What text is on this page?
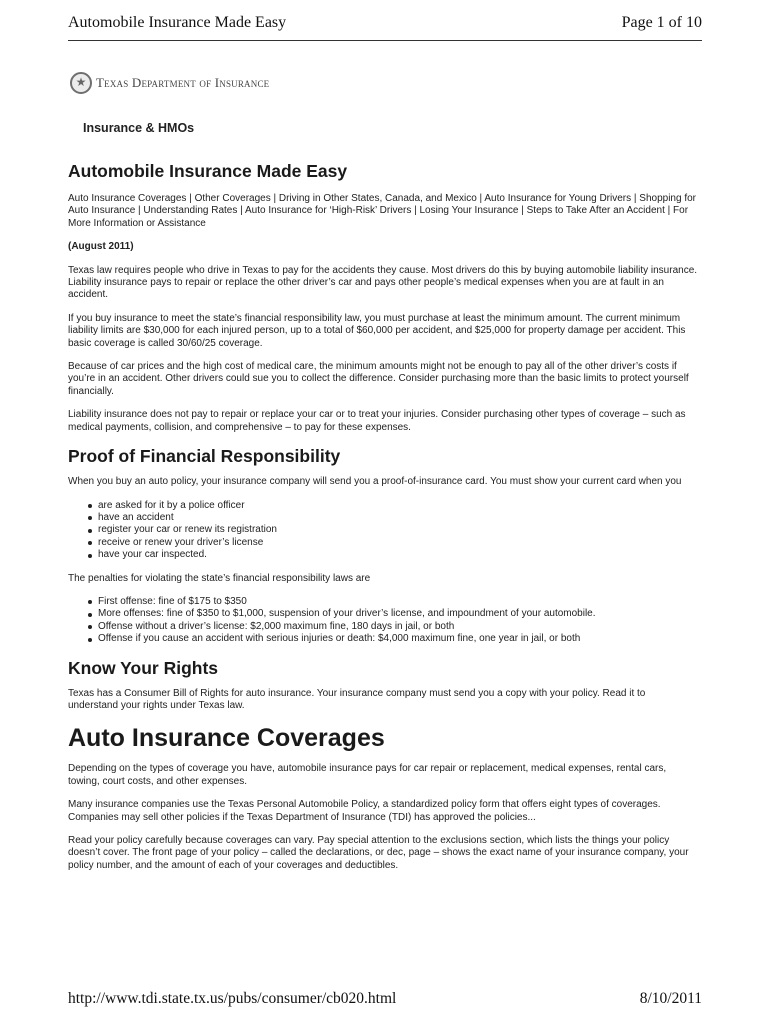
Automobile Insurance Made Easy	Page 1 of 10
★
Texas Department of Insurance
Insurance & HMOs
Automobile Insurance Made Easy

Auto Insurance Coverages | Other Coverages | Driving in Other States, Canada, and Mexico | Auto Insurance for Young Drivers | Shopping for Auto Insurance | Understanding Rates | Auto Insurance for ‘High-Risk’ Drivers | Losing Your Insurance | Steps to Take After an Accident | For More Information or Assistance

(August 2011)

Texas law requires people who drive in Texas to pay for the accidents they cause. Most drivers do this by buying automobile liability insurance. Liability insurance pays to repair or replace the other driver’s car and pays other people’s medical expenses when you are at fault in an accident.

If you buy insurance to meet the state’s financial responsibility law, you must purchase at least the minimum amount. The current minimum liability limits are $30,000 for each injured person, up to a total of $60,000 per accident, and $25,000 for property damage per accident. This basic coverage is called 30/60/25 coverage.

Because of car prices and the high cost of medical care, the minimum amounts might not be enough to pay all of the other driver’s costs if you’re in an accident. Other drivers could sue you to collect the difference. Consider purchasing more than the basic limits to protect yourself financially.

Liability insurance does not pay to repair or replace your car or to treat your injuries. Consider purchasing other types of coverage – such as medical payments, collision, and comprehensive – to pay for these expenses.

Proof of Financial Responsibility

When you buy an auto policy, your insurance company will send you a proof-of-insurance card. You must show your current card when you

are asked for it by a police officer
have an accident
register your car or renew its registration
receive or renew your driver’s license
have your car inspected.

The penalties for violating the state’s financial responsibility laws are

First offense: fine of $175 to $350
More offenses: fine of $350 to $1,000, suspension of your driver’s license, and impoundment of your automobile.
Offense without a driver’s license: $2,000 maximum fine, 180 days in jail, or both
Offense if you cause an accident with serious injuries or death: $4,000 maximum fine, one year in jail, or both
Know Your Rights

Texas has a Consumer Bill of Rights for auto insurance. Your insurance company must send you a copy with your policy. Read it to understand your rights under Texas law.

Auto Insurance Coverages

Depending on the types of coverage you have, automobile insurance pays for car repair or replacement, medical expenses, rental cars, towing, court costs, and other expenses.

Many insurance companies use the Texas Personal Automobile Policy, a standardized policy form that offers eight types of coverages. Companies may sell other policies if the Texas Department of Insurance (TDI) has approved the policies...

Read your policy carefully because coverages can vary. Pay special attention to the exclusions section, which lists the things your policy doesn’t cover. The front page of your policy – called the declarations, or dec, page – shows the exact name of your insurance company, your policy number, and the amount of each of your coverages and deductibles.

http://www.tdi.state.tx.us/pubs/consumer/cb020.html	8/10/2011
